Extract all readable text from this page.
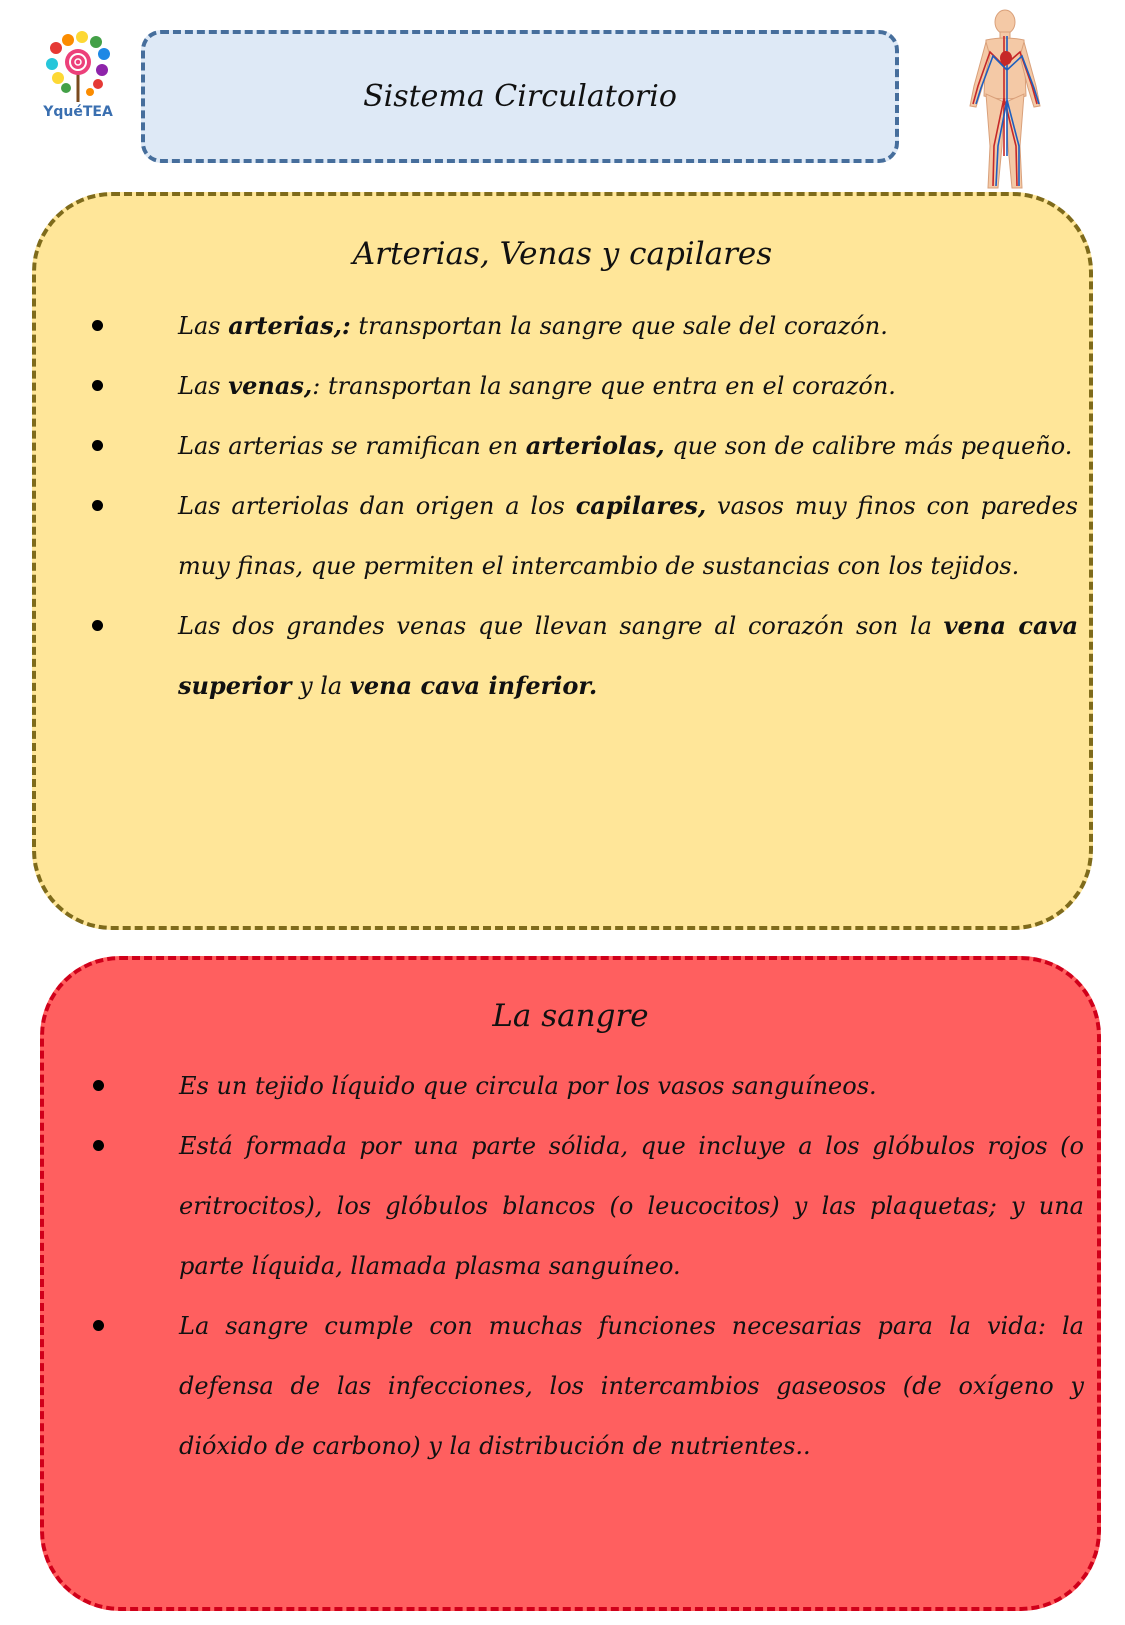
YquéTEA	Sistema Circulatorio
Arterias, Venas y capilares
Las arterias,: transportan la sangre que sale del corazón.
Las venas,: transportan la sangre que entra en el corazón.
Las arterias se ramifican en arteriolas, que son de calibre más pequeño.
Las arteriolas dan origen a los capilares, vasos muy finos con paredes muy finas, que permiten el intercambio de sustancias con los tejidos.
Las dos grandes venas que llevan sangre al corazón son la vena cava superior y la vena cava inferior.
La sangre
Es un tejido líquido que circula por los vasos sanguíneos.
Está formada por una parte sólida, que incluye a los glóbulos rojos (o eritrocitos), los glóbulos blancos (o leucocitos) y las plaquetas; y una parte líquida, llamada plasma sanguíneo.
La sangre cumple con muchas funciones necesarias para la vida: la defensa de las infecciones, los intercambios gaseosos (de oxígeno y dióxido de carbono) y la distribución de nutrientes..
